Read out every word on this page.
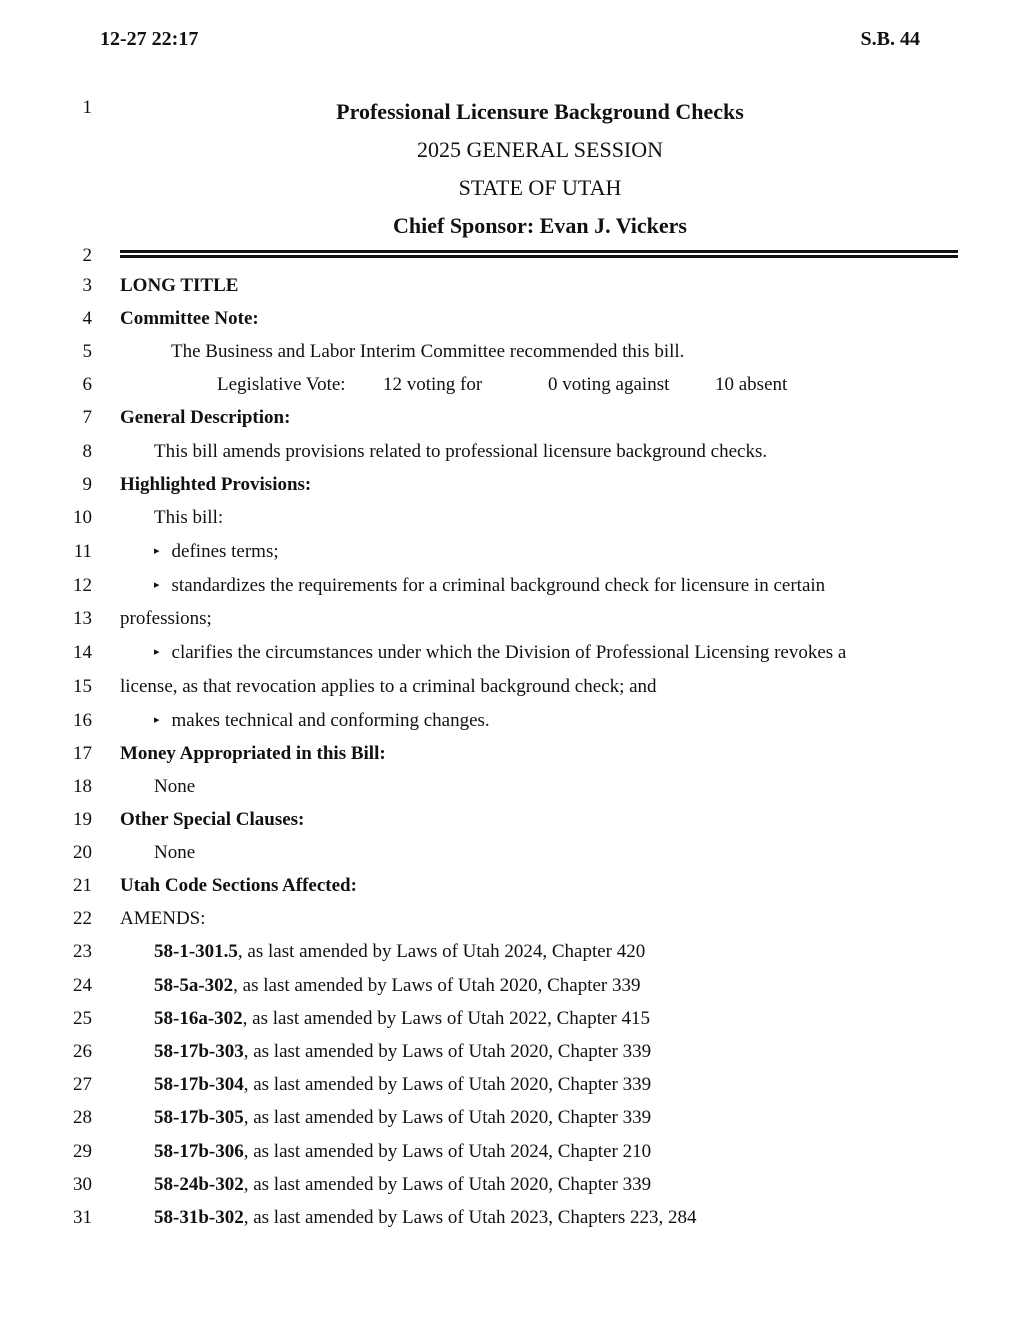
12-27 22:17	S.B. 44
1
2
3
4
5
6
7
8
9
10
11
12
13
14
15
16
17
18
19
20
21
22
23
24
25
26
27
28
29
30
31
Professional Licensure Background Checks
2025 GENERAL SESSION
STATE OF UTAH
Chief Sponsor: Evan J. Vickers
LONG TITLE
Committee Note:
The Business and Labor Interim Committee recommended this bill.
Legislative Vote: 12 voting for	0 voting against 10 absent
General Description:
This bill amends provisions related to professional licensure background checks.
Highlighted Provisions:
This bill:
▸ defines terms;
▸ standardizes the requirements for a criminal background check for licensure in certain
professions;
▸ clarifies the circumstances under which the Division of Professional Licensing revokes a
license, as that revocation applies to a criminal background check; and
▸ makes technical and conforming changes.
Money Appropriated in this Bill:
None
Other Special Clauses:
None
Utah Code Sections Affected:
AMENDS:
58-1-301.5, as last amended by Laws of Utah 2024, Chapter 420
58-5a-302, as last amended by Laws of Utah 2020, Chapter 339
58-16a-302, as last amended by Laws of Utah 2022, Chapter 415
58-17b-303, as last amended by Laws of Utah 2020, Chapter 339
58-17b-304, as last amended by Laws of Utah 2020, Chapter 339
58-17b-305, as last amended by Laws of Utah 2020, Chapter 339
58-17b-306, as last amended by Laws of Utah 2024, Chapter 210
58-24b-302, as last amended by Laws of Utah 2020, Chapter 339
58-31b-302, as last amended by Laws of Utah 2023, Chapters 223, 284
